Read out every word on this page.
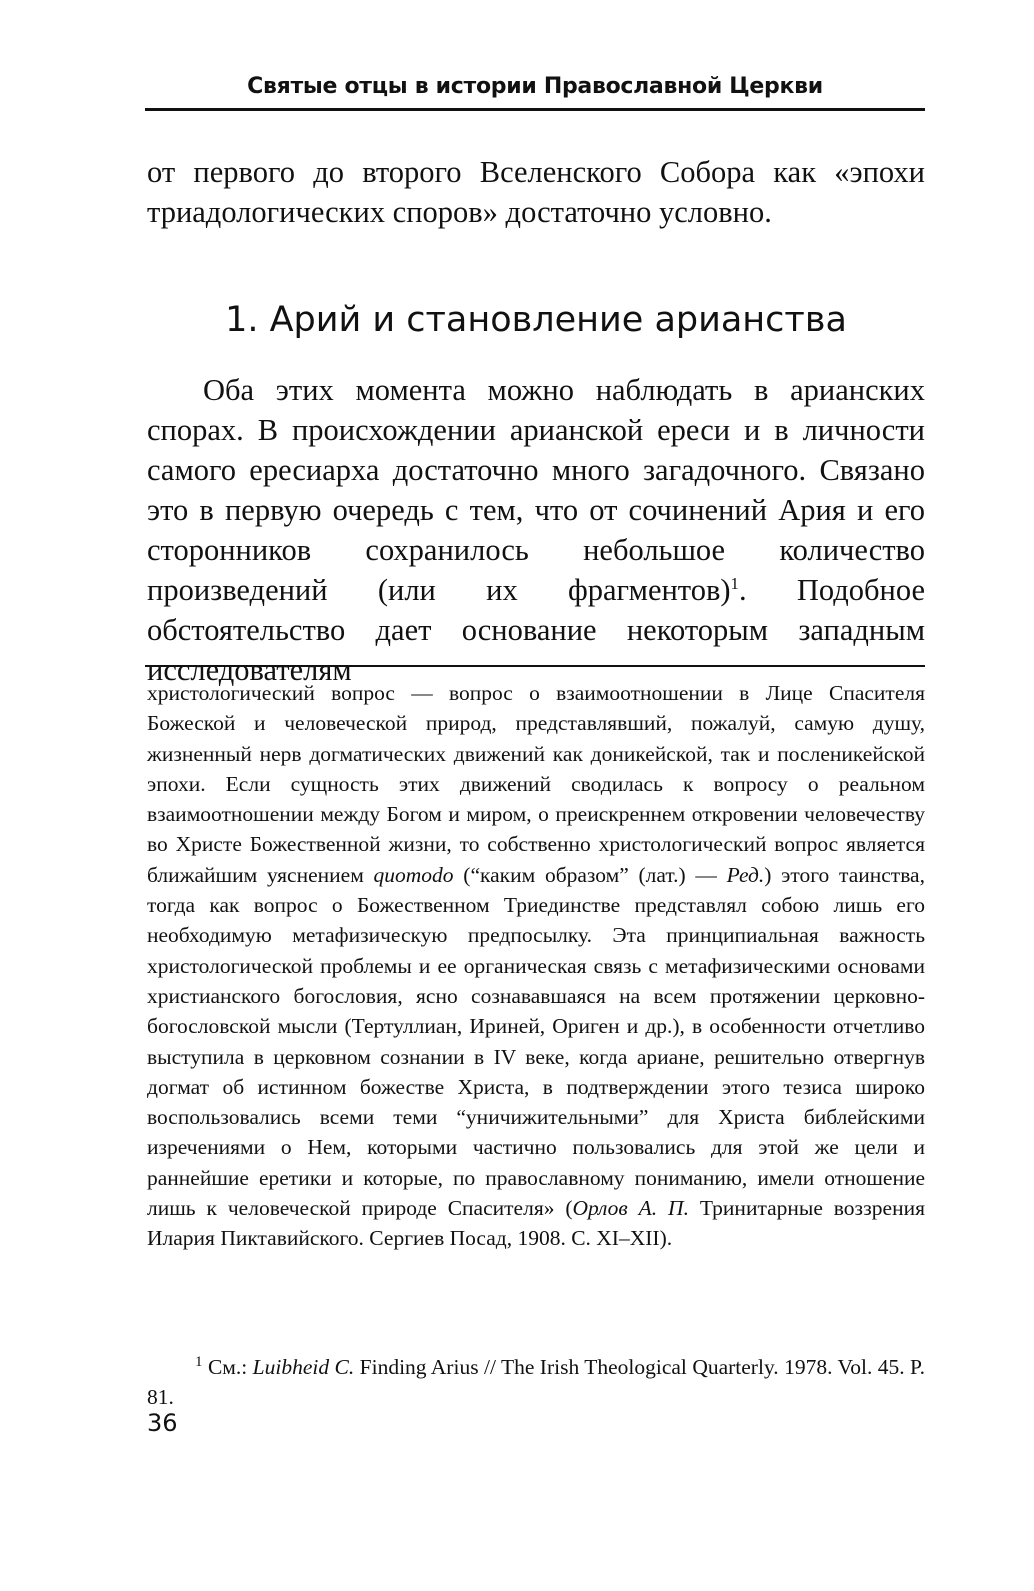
Святые отцы в истории Православной Церкви

от первого до второго Вселенского Собора как «эпохи триадологических споров» достаточно условно.

1. Арий и становление арианства

Оба этих момента можно наблюдать в арианских спорах. В происхождении арианской ереси и в личности самого ересиарха достаточно много загадочного. Связано это в первую очередь с тем, что от сочинений Ария и его сторонников сохранилось небольшое количество произведений (или их фрагментов)$^1$. Подобное обстоятельство дает основание некоторым западным исследователям

христологический вопрос — вопрос о взаимоотношении в Лице Спасителя Божеской и человеческой природ, представлявший, пожалуй, самую душу, жизненный нерв догматических движений как доникейской, так и посленикейской эпохи. Если сущность этих движений сводилась к вопросу о реальном взаимоотношении между Богом и миром, о преискреннем откровении человечеству во Христе Божественной жизни, то собственно христологический вопрос является ближайшим уяснением quomodo (“каким образом” (лат.) — Ред.) этого таинства, тогда как вопрос о Божественном Триединстве представлял собою лишь его необходимую метафизическую предпосылку. Эта принципиальная важность христологической проблемы и ее органическая связь с метафизическими основами христианского богословия, ясно сознававшаяся на всем протяжении церковно-богословской мысли (Тертуллиан, Ириней, Ориген и др.), в особенности отчетливо выступила в церковном сознании в IV веке, когда ариане, решительно отвергнув догмат об истинном божестве Христа, в подтверждении этого тезиса широко воспользовались всеми теми “уничижительными” для Христа библейскими изречениями о Нем, которыми частично пользовались для этой же цели и раннейшие еретики и которые, по православному пониманию, имели отношение лишь к человеческой природе Спасителя» (Орлов А. П. Тринитарные воззрения Илария Пиктавийского. Сергиев Посад, 1908. С. XI–XII).

$^1$ См.: Luibheid C. Finding Arius // The Irish Theological Quarterly. 1978. Vol. 45. P. 81.

36
